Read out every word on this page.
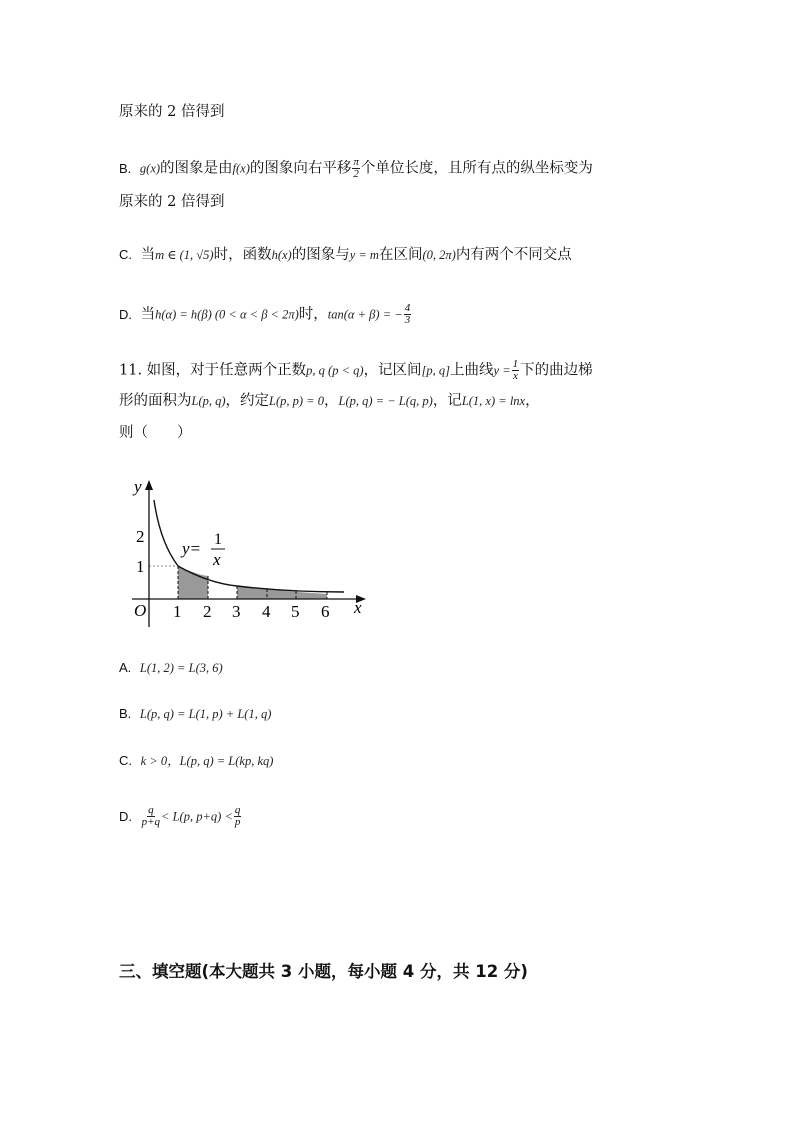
原来的 2 倍得到
B. g(x)的图象是由f(x)的图象向右平移 $\frac{\pi}{2}$ 个单位长度，且所有点的纵坐标变为
原来的 2 倍得到
C. 当m ∈ (1, √5)时，函数h(x)的图象与y = m在区间(0, 2π)内有两个不同交点
D. 当h(α) = h(β) (0 < α < β < 2π)时，tan(α + β) = − $\frac{4}{3}$
11. 如图，对于任意两个正数p, q (p < q)，记区间[p, q]上曲线$y = \frac{1}{x}$ 下的曲边梯
形的面积为L(p, q)，约定L(p, p) = 0，L(p, q) = − L(q, p)，记L(1, x) = lnx，
则（　　）
y
x
O
1
2
1 2 3 4 5 6
y= 1
x
A. L(1, 2) = L(3, 6)
B. L(p, q) = L(1, p) + L(1, q)
C. k > 0，L(p, q) = L(kp, kq)
D. $\frac{q}{p+q} < L(p$, $p+q) < \frac{q}{p}$
三、填空题(本大题共 3 小题，每小题 4 分，共 12 分)
